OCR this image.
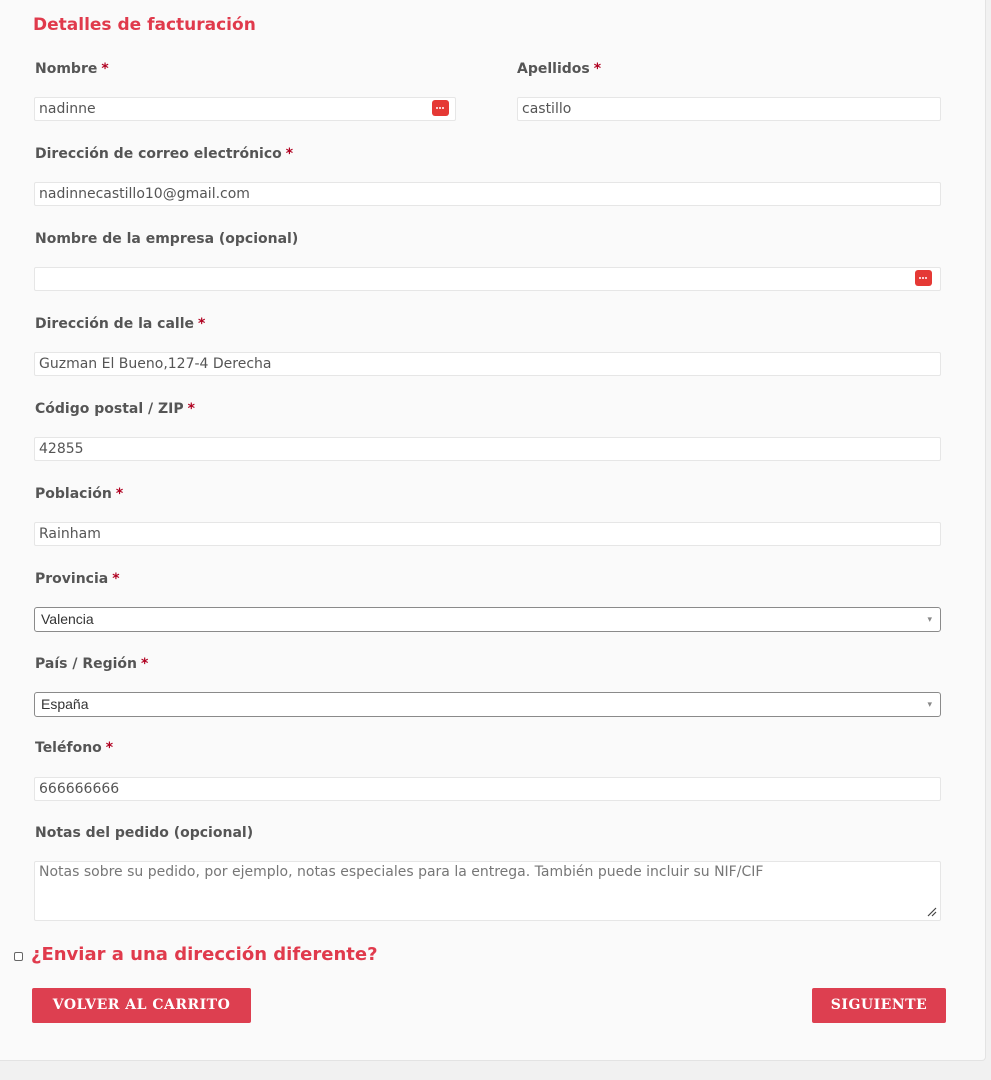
Detalles de facturación
Nombre *
nadinne
Apellidos *
castillo
Dirección de correo electrónico *
nadinnecastillo10@gmail.com
Nombre de la empresa (opcional)
Dirección de la calle *
Guzman El Bueno,127-4 Derecha
Código postal / ZIP *
42855
Población *
Rainham
Provincia *
Valencia	▾
País / Región *
España	▾
Teléfono *
666666666
Notas del pedido (opcional)
Notas sobre su pedido, por ejemplo, notas especiales para la entrega. También puede incluir su NIF/CIF
¿Enviar a una dirección diferente?
VOLVER AL CARRITO	SIGUIENTE
